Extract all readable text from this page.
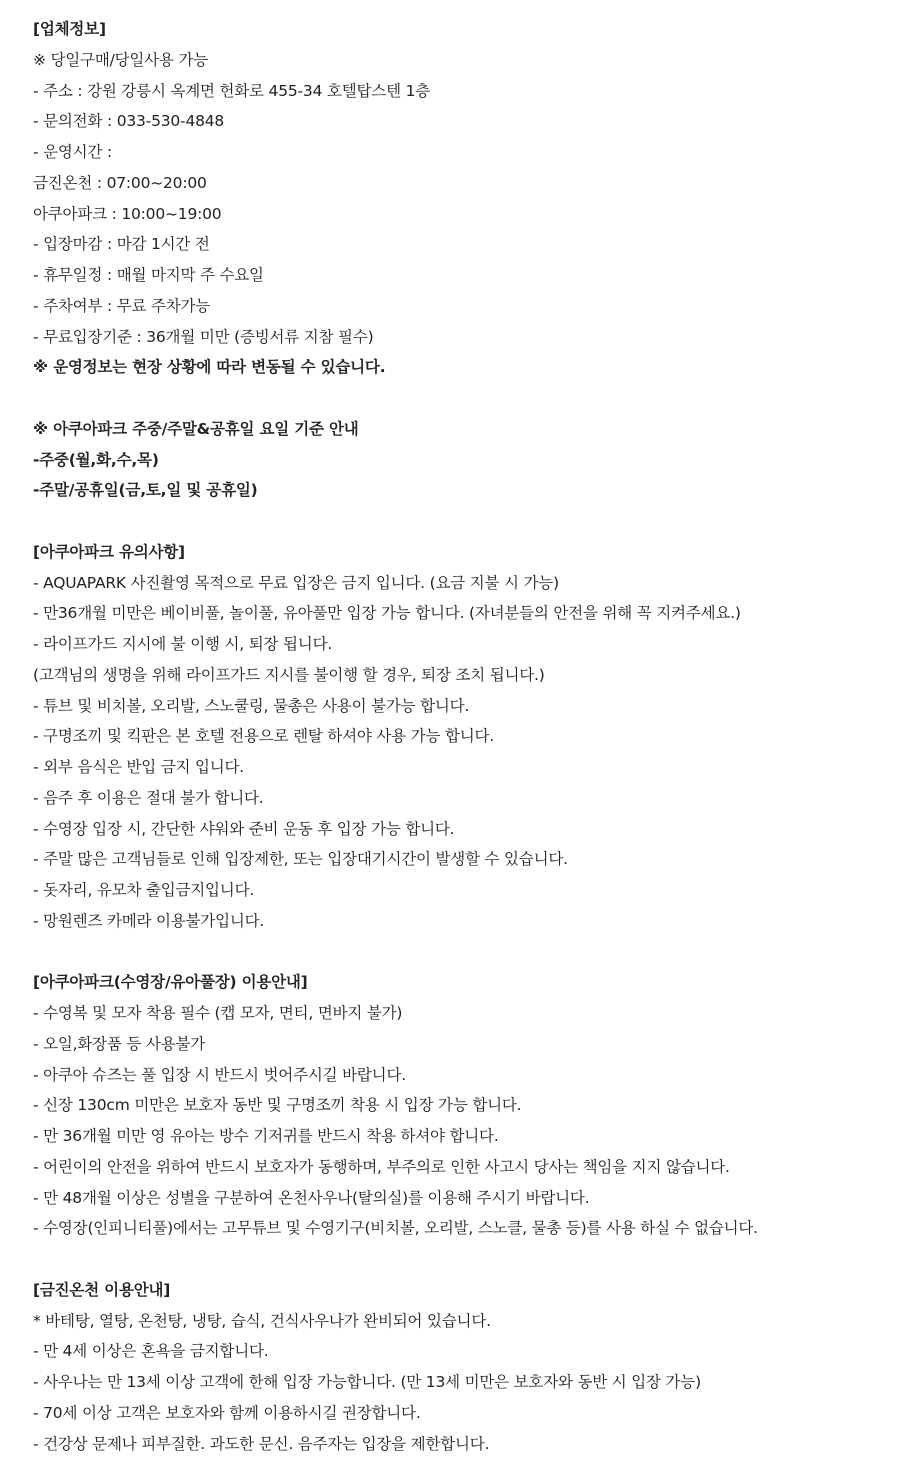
[업체정보]
※ 당일구매/당일사용 가능
- 주소 : 강원 강릉시 옥계면 헌화로 455-34 호텔탑스텐 1층
- 문의전화 : 033-530-4848
- 운영시간 :
금진온천 : 07:00~20:00
아쿠아파크 : 10:00~19:00
- 입장마감 : 마감 1시간 전
- 휴무일정 : 매월 마지막 주 수요일
- 주차여부 : 무료 주차가능
- 무료입장기준 : 36개월 미만 (증빙서류 지참 필수)
※ 운영정보는 현장 상황에 따라 변동될 수 있습니다.
※ 아쿠아파크 주중/주말&공휴일 요일 기준 안내
-주중(월,화,수,목)
-주말/공휴일(금,토,일 및 공휴일)
[아쿠아파크 유의사항]
- AQUAPARK 사진촬영 목적으로 무료 입장은 금지 입니다. (요금 지불 시 가능)
- 만36개월 미만은 베이비풀, 놀이풀, 유아풀만 입장 가능 합니다. (자녀분들의 안전을 위해 꼭 지켜주세요.)
- 라이프가드 지시에 불 이행 시, 퇴장 됩니다.
(고객님의 생명을 위해 라이프가드 지시를 불이행 할 경우, 퇴장 조치 됩니다.)
- 튜브 및 비치볼, 오리발, 스노쿨링, 물총은 사용이 불가능 합니다.
- 구명조끼 및 킥판은 본 호텔 전용으로 렌탈 하셔야 사용 가능 합니다.
- 외부 음식은 반입 금지 입니다.
- 음주 후 이용은 절대 불가 합니다.
- 수영장 입장 시, 간단한 샤워와 준비 운동 후 입장 가능 합니다.
- 주말 많은 고객님들로 인해 입장제한, 또는 입장대기시간이 발생할 수 있습니다.
- 돗자리, 유모차 출입금지입니다.
- 망원렌즈 카메라 이용불가입니다.
[아쿠아파크(수영장/유아풀장) 이용안내]
- 수영복 및 모자 착용 필수 (캡 모자, 면티, 면바지 불가)
- 오일,화장품 등 사용불가
- 아쿠아 슈즈는 풀 입장 시 반드시 벗어주시길 바랍니다.
- 신장 130cm 미만은 보호자 동반 및 구명조끼 착용 시 입장 가능 합니다.
- 만 36개월 미만 영 유아는 방수 기저귀를 반드시 착용 하셔야 합니다.
- 어린이의 안전을 위하여 반드시 보호자가 동행하며, 부주의로 인한 사고시 당사는 책임을 지지 않습니다.
- 만 48개월 이상은 성별을 구분하여 온천사우나(탈의실)를 이용해 주시기 바랍니다.
- 수영장(인피니티풀)에서는 고무튜브 및 수영기구(비치볼, 오리발, 스노클, 물총 등)를 사용 하실 수 없습니다.
[금진온천 이용안내]
* 바테탕, 열탕, 온천탕, 냉탕, 습식, 건식사우나가 완비되어 있습니다.
- 만 4세 이상은 혼욕을 금지합니다.
- 사우나는 만 13세 이상 고객에 한해 입장 가능합니다. (만 13세 미만은 보호자와 동반 시 입장 가능)
- 70세 이상 고객은 보호자와 함께 이용하시길 권장합니다.
- 건강상 문제나 피부질한. 과도한 문신. 음주자는 입장을 제한합니다.
